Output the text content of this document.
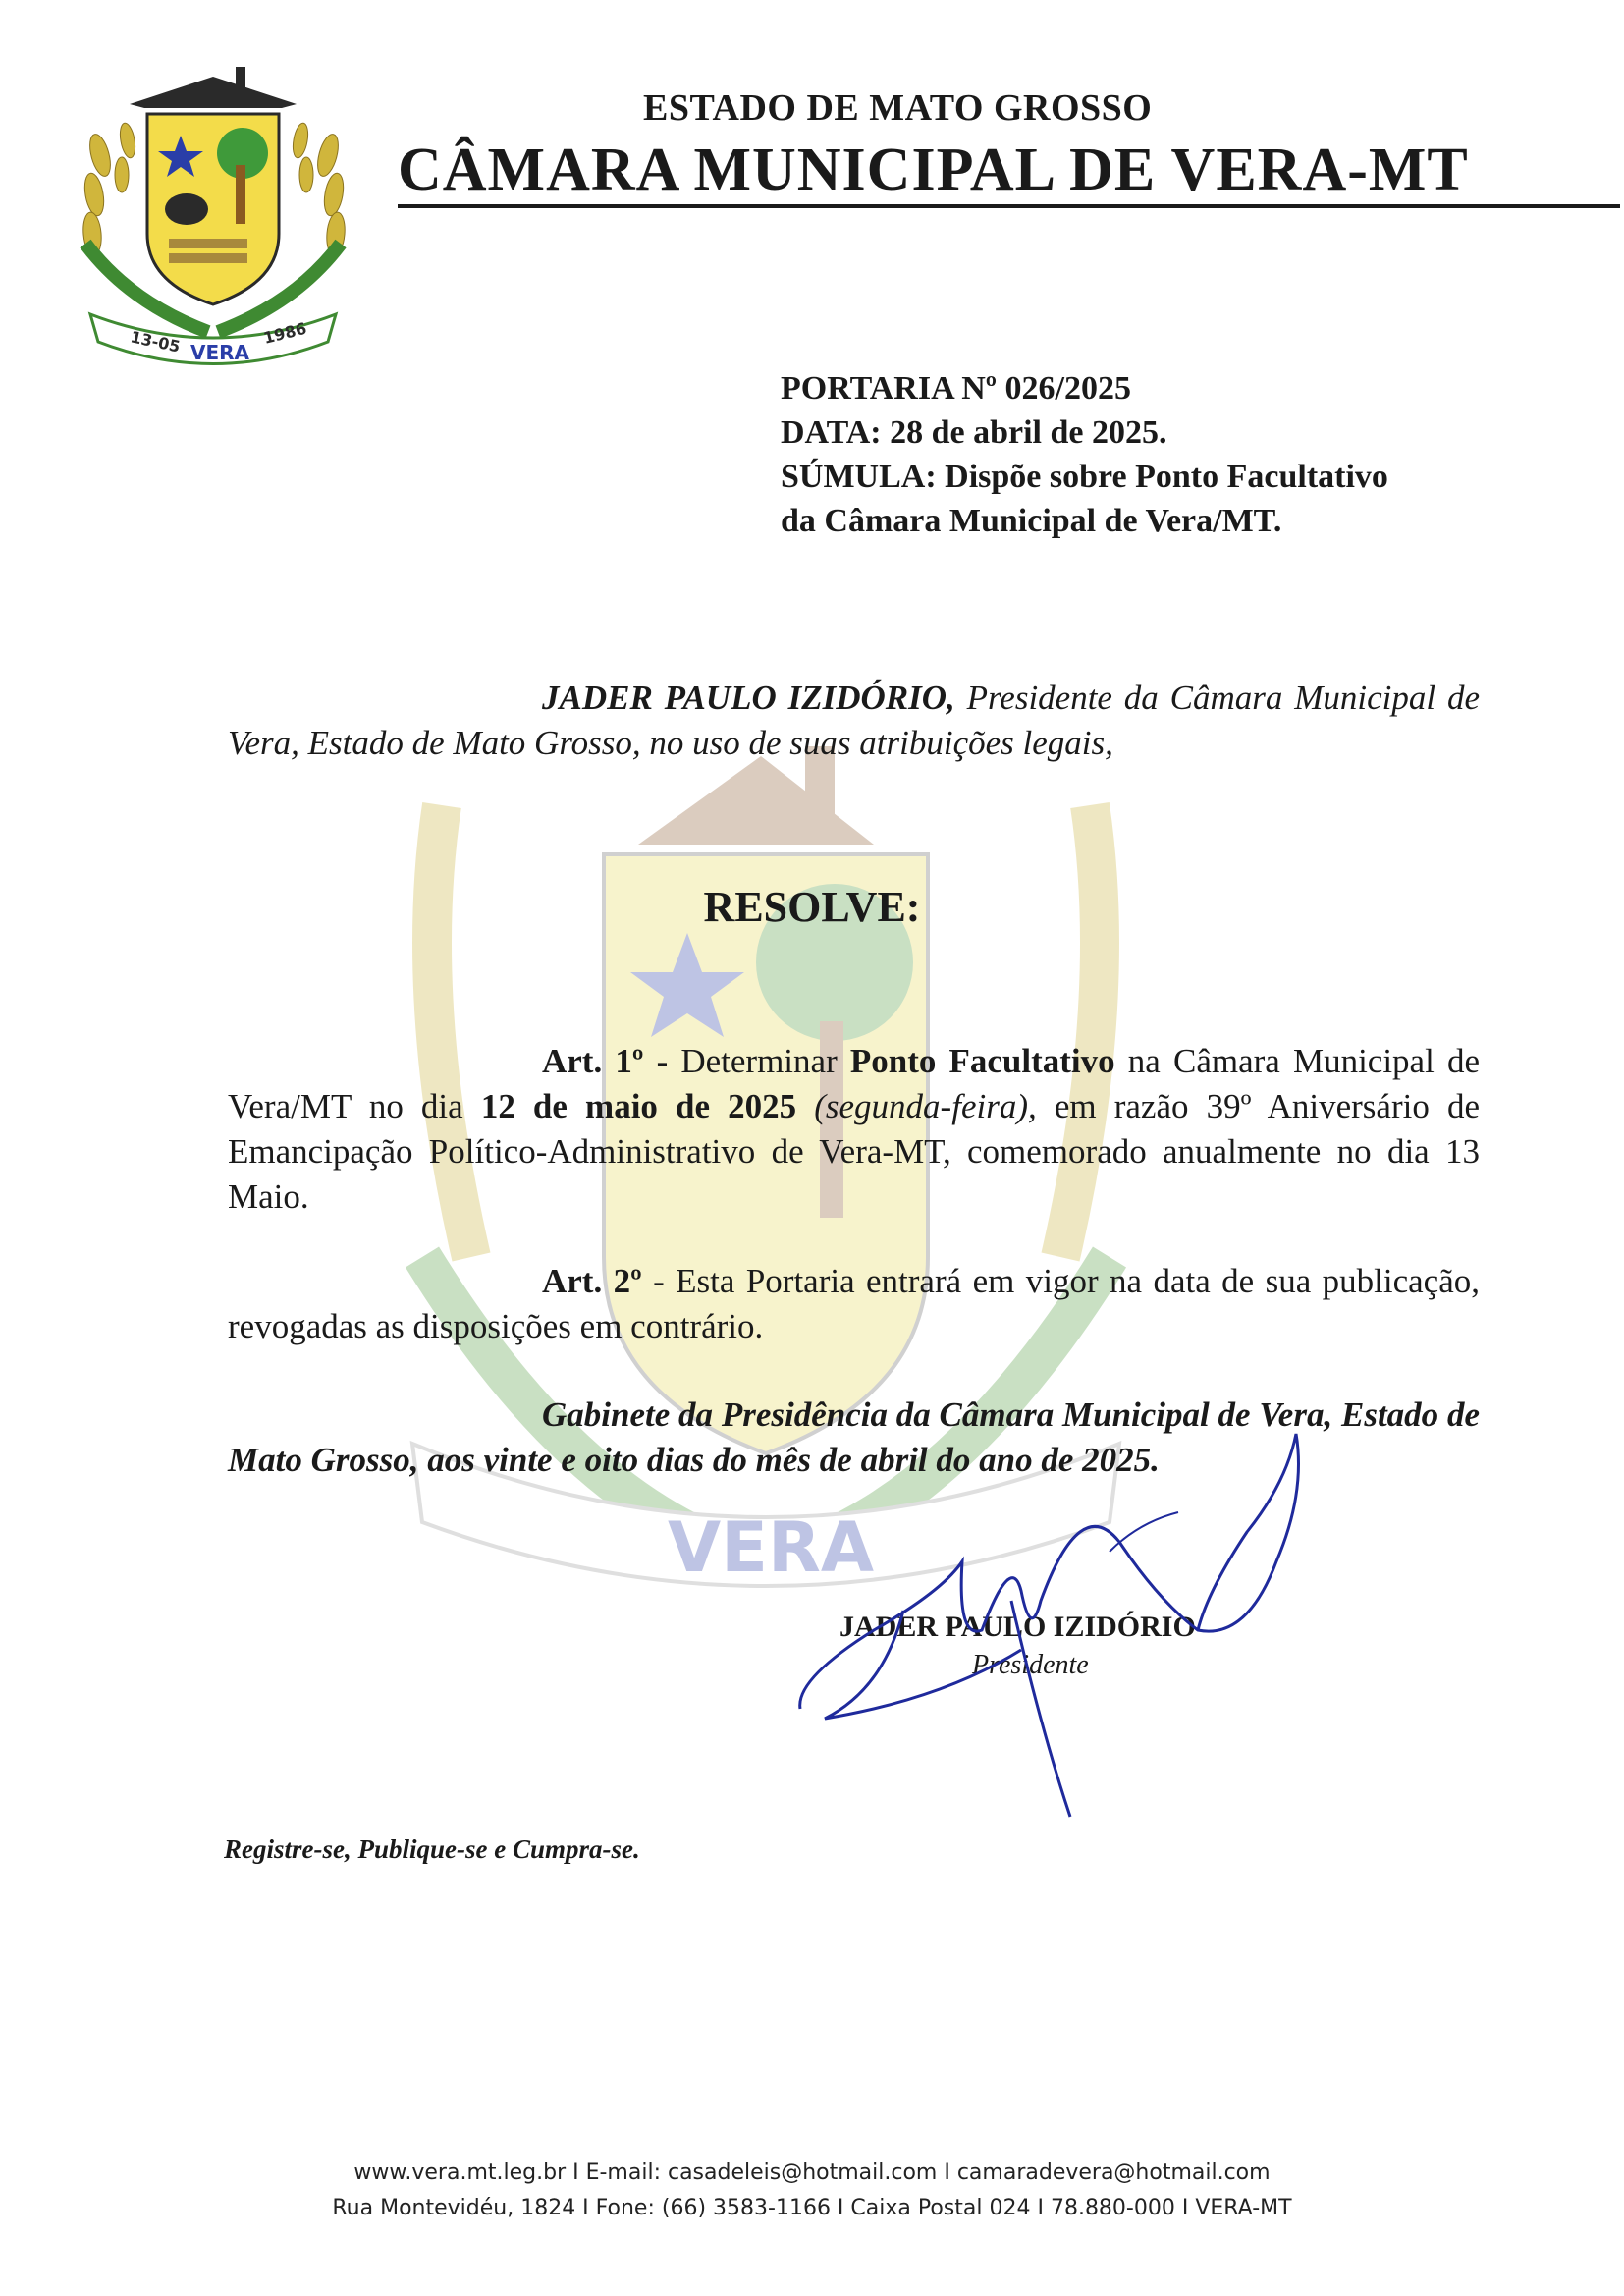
13-05 VERA
1986
ESTADO DE MATO GROSSO
CÂMARA MUNICIPAL DE VERA-MT
VERA
PORTARIA Nº 026/2025
DATA: 28 de abril de 2025.
SÚMULA: Dispõe sobre Ponto Facultativo
da Câmara Municipal de Vera/MT.
JADER PAULO IZIDÓRIO, Presidente da Câmara Municipal de Vera, Estado de Mato Grosso, no uso de suas atribuições legais,
RESOLVE:
Art. 1º - Determinar Ponto Facultativo na Câmara Municipal de Vera/MT no dia 12 de maio de 2025 (segunda-feira), em razão 39º Aniversário de Emancipação Político-Administrativo de Vera-MT, comemorado anualmente no dia 13 Maio.
Art. 2º - Esta Portaria entrará em vigor na data de sua publicação, revogadas as disposições em contrário.
Gabinete da Presidência da Câmara Municipal de Vera, Estado de Mato Grosso, aos vinte e oito dias do mês de abril do ano de 2025.
JADER PAULO IZIDÓRIO
Presidente
Registre-se, Publique-se e Cumpra-se.
www.vera.mt.leg.br I E-mail: casadeleis@hotmail.com I camaradevera@hotmail.com
Rua Montevidéu, 1824 I Fone: (66) 3583-1166 I Caixa Postal 024 I 78.880-000 I VERA-MT
